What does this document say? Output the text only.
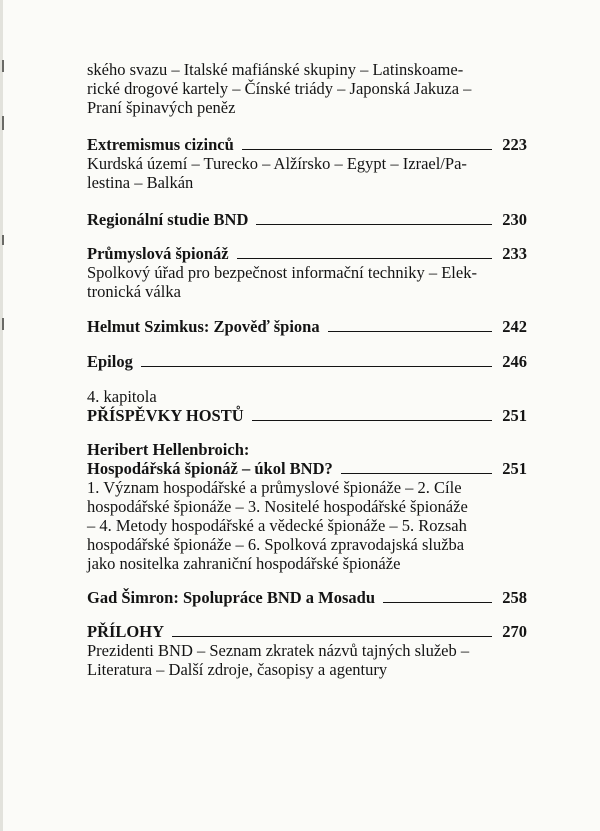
ského svazu – Italské mafiánské skupiny – Latinskoame-
rické drogové kartely – Čínské triády – Japonská Jakuza –
Praní špinavých peněz
Extremismus cizinců	223
Kurdská území – Turecko – Alžírsko – Egypt – Izrael/Pa-
lestina – Balkán
Regionální studie BND	230
Průmyslová špionáž	233
Spolkový úřad pro bezpečnost informační techniky – Elek-
tronická válka
Helmut Szimkus: Zpověď špiona	242
Epilog	246
4. kapitola
PŘÍSPĚVKY HOSTŮ	251
Heribert Hellenbroich:
Hospodářská špionáž – úkol BND?	251
1. Význam hospodářské a průmyslové špionáže – 2. Cíle
hospodářské špionáže – 3. Nositelé hospodářské špionáže
– 4. Metody hospodářské a vědecké špionáže – 5. Rozsah
hospodářské špionáže – 6. Spolková zpravodajská služba
jako nositelka zahraniční hospodářské špionáže
Gad Šimron: Spolupráce BND a Mosadu	258
PŘÍLOHY	270
Prezidenti BND – Seznam zkratek názvů tajných služeb –
Literatura – Další zdroje, časopisy a agentury
